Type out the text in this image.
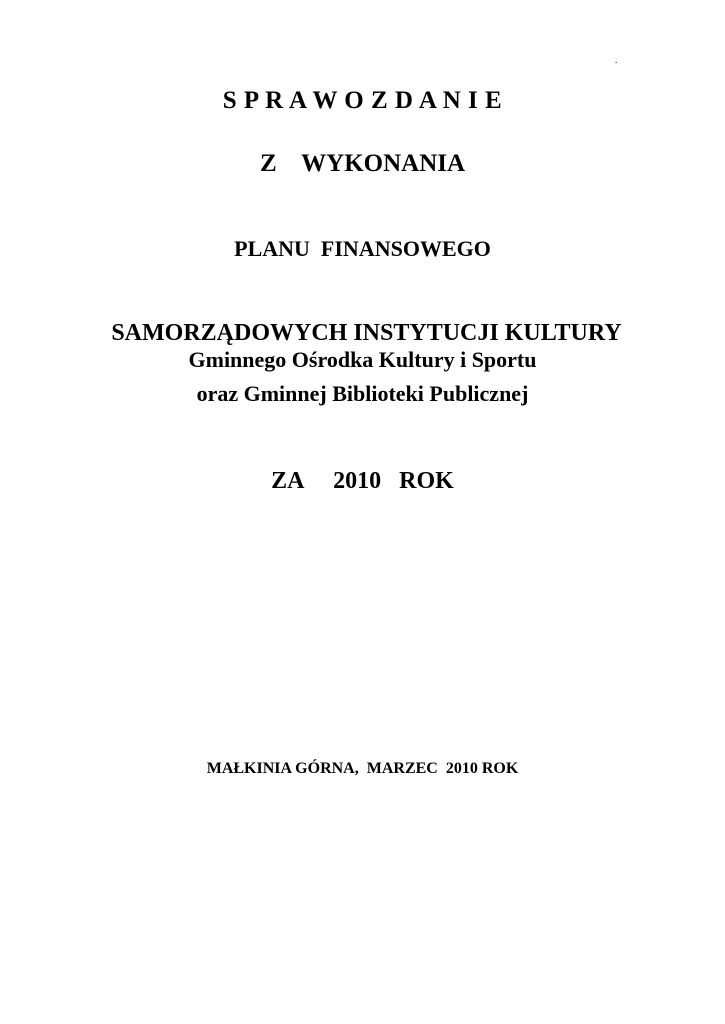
.
S P R A W O Z D A N I E
Z    WYKONANIA
PLANU  FINANSOWEGO
SAMORZĄDOWYCH INSTYTUCJI KULTURY
Gminnego Ośrodka Kultury i Sportu
oraz Gminnej Biblioteki Publicznej
ZA     2010   ROK
MAŁKINIA GÓRNA,  MARZEC  2010 ROK
